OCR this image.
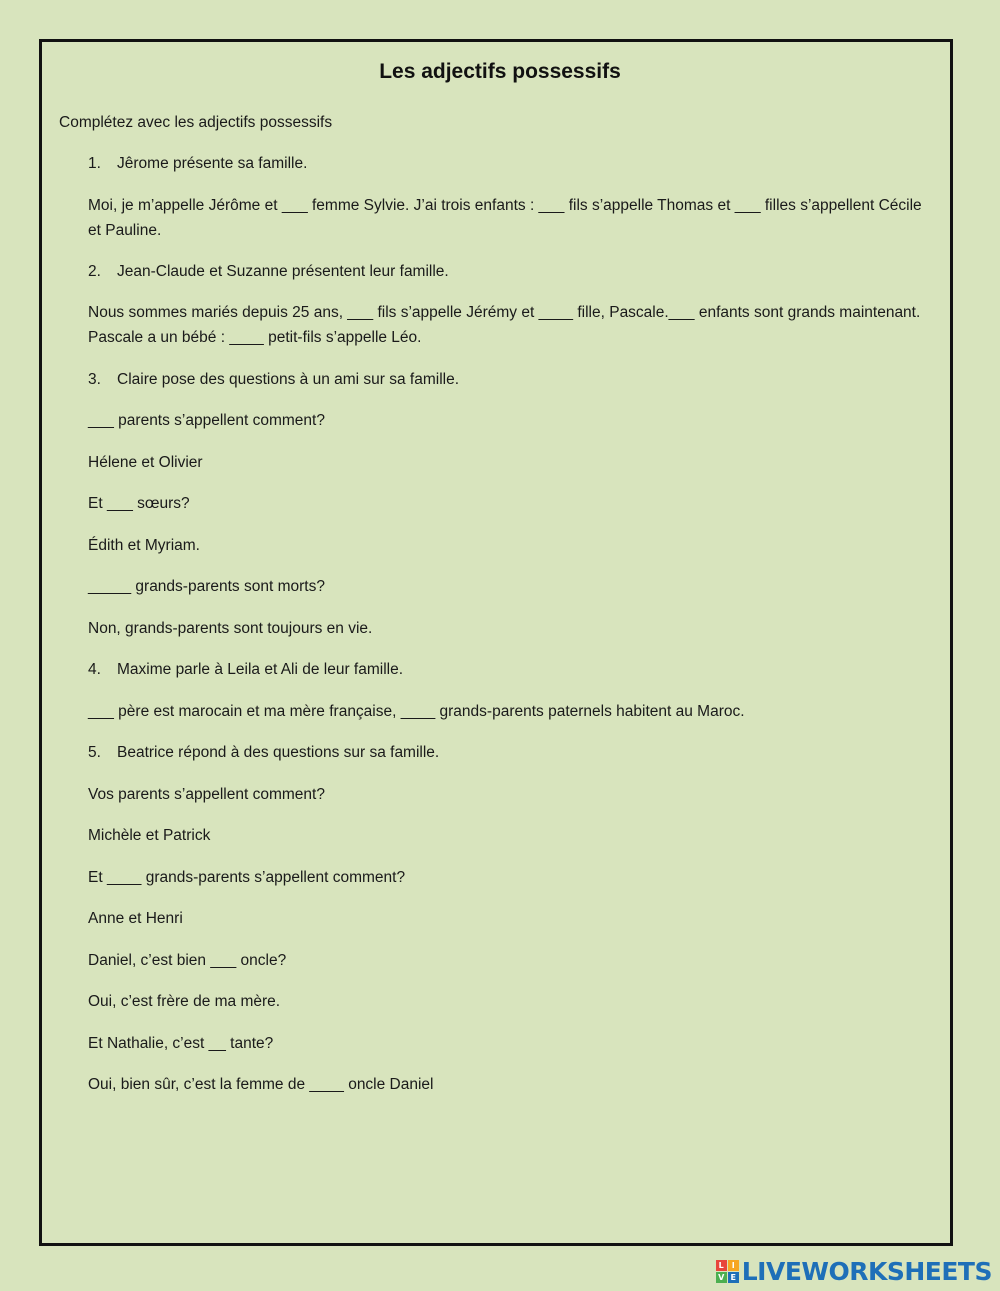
Les adjectifs possessifs
Complétez avec les adjectifs possessifs
1. Jêrome présente sa famille.
Moi, je m’appelle Jérôme et ___ femme Sylvie. J’ai trois enfants : ___ fils s’appelle Thomas et ___ filles s’appellent Cécile et Pauline.
2. Jean-Claude et Suzanne présentent leur famille.
Nous sommes mariés depuis 25 ans, ___ fils s’appelle Jérémy et ____ fille, Pascale.___ enfants sont grands maintenant. Pascale a un bébé : ____ petit-fils s’appelle Léo.
3. Claire pose des questions à un ami sur sa famille.
___ parents s’appellent comment?
Hélene et Olivier
Et ___ sœurs?
Édith et Myriam.
_____ grands-parents sont morts?
Non, grands-parents sont toujours en vie.
4. Maxime parle à Leila et Ali de leur famille.
___ père est marocain et ma mère française, ____ grands-parents paternels habitent au Maroc.
5. Beatrice répond à des questions sur sa famille.
Vos parents s’appellent comment?
Michèle et Patrick
Et ____ grands-parents s’appellent comment?
Anne et Henri
Daniel, c’est bien ___ oncle?
Oui, c’est frère de ma mère.
Et Nathalie, c’est __ tante?
Oui, bien sûr, c’est la femme de ____ oncle Daniel
L I
V E LIVEWORKSHEETS
